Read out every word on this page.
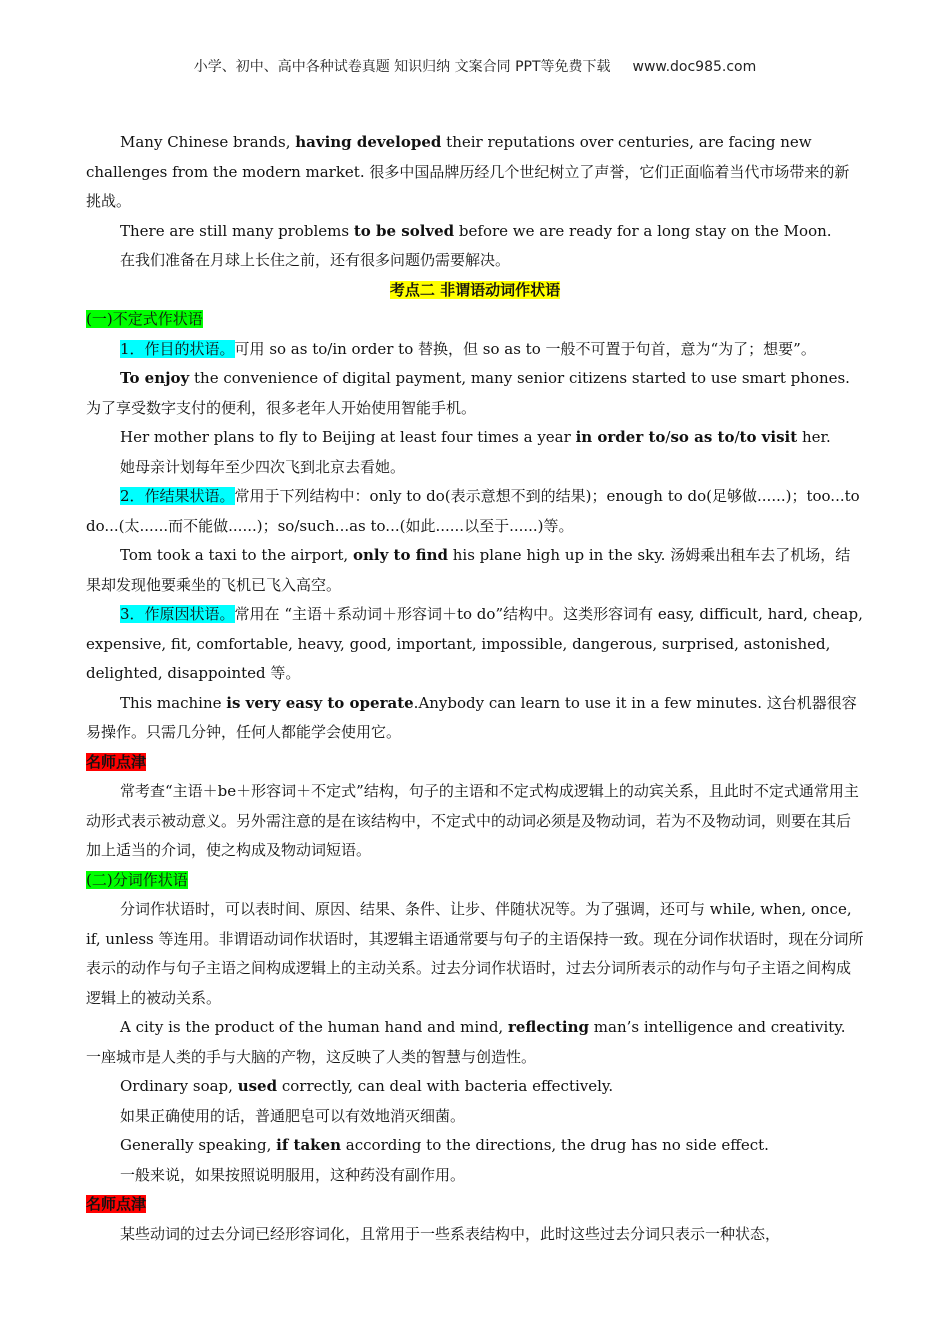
小学、初中、高中各种试卷真题 知识归纳 文案合同 PPT等免费下载 www.doc985.com

Many Chinese brands, having developed their reputations over centuries, are facing new challenges from the modern market. 很多中国品牌历经几个世纪树立了声誉，它们正面临着当代市场带来的新挑战。

There are still many problems to be solved before we are ready for a long stay on the Moon.

在我们准备在月球上长住之前，还有很多问题仍需要解决。

考点二 非谓语动词作状语

(一)不定式作状语

1．作目的状语。可用 so as to/in order to 替换，但 so as to 一般不可置于句首，意为“为了；想要”。

To enjoy the convenience of digital payment, many senior citizens started to use smart phones. 为了享受数字支付的便利，很多老年人开始使用智能手机。

Her mother plans to fly to Beijing at least four times a year in order to/so as to/to visit her.

她母亲计划每年至少四次飞到北京去看她。

2．作结果状语。常用于下列结构中：only to do(表示意想不到的结果)；enough to do(足够做......)；too...to do...(太......而不能做......)；so/such...as to...(如此......以至于......)等。

Tom took a taxi to the airport, only to find his plane high up in the sky. 汤姆乘出租车去了机场，结果却发现他要乘坐的飞机已飞入高空。

3．作原因状语。常用在 “主语＋系动词＋形容词＋to do”结构中。这类形容词有 easy, difficult, hard, cheap, expensive, fit, comfortable, heavy, good, important, impossible, dangerous, surprised, astonished, delighted, disappointed 等。

This machine is very easy to operate.Anybody can learn to use it in a few minutes. 这台机器很容易操作。只需几分钟，任何人都能学会使用它。

名师点津

常考查“主语＋be＋形容词＋不定式”结构，句子的主语和不定式构成逻辑上的动宾关系，且此时不定式通常用主动形式表示被动意义。另外需注意的是在该结构中，不定式中的动词必须是及物动词，若为不及物动词，则要在其后加上适当的介词，使之构成及物动词短语。

(二)分词作状语

分词作状语时，可以表时间、原因、结果、条件、让步、伴随状况等。为了强调，还可与 while, when, once, if, unless 等连用。非谓语动词作状语时，其逻辑主语通常要与句子的主语保持一致。现在分词作状语时，现在分词所表示的动作与句子主语之间构成逻辑上的主动关系。过去分词作状语时，过去分词所表示的动作与句子主语之间构成逻辑上的被动关系。

A city is the product of the human hand and mind, reflecting man’s intelligence and creativity. 一座城市是人类的手与大脑的产物，这反映了人类的智慧与创造性。

Ordinary soap, used correctly, can deal with bacteria effectively.

如果正确使用的话，普通肥皂可以有效地消灭细菌。

Generally speaking, if taken according to the directions, the drug has no side effect.

一般来说，如果按照说明服用，这种药没有副作用。

名师点津

某些动词的过去分词已经形容词化，且常用于一些系表结构中，此时这些过去分词只表示一种状态，
